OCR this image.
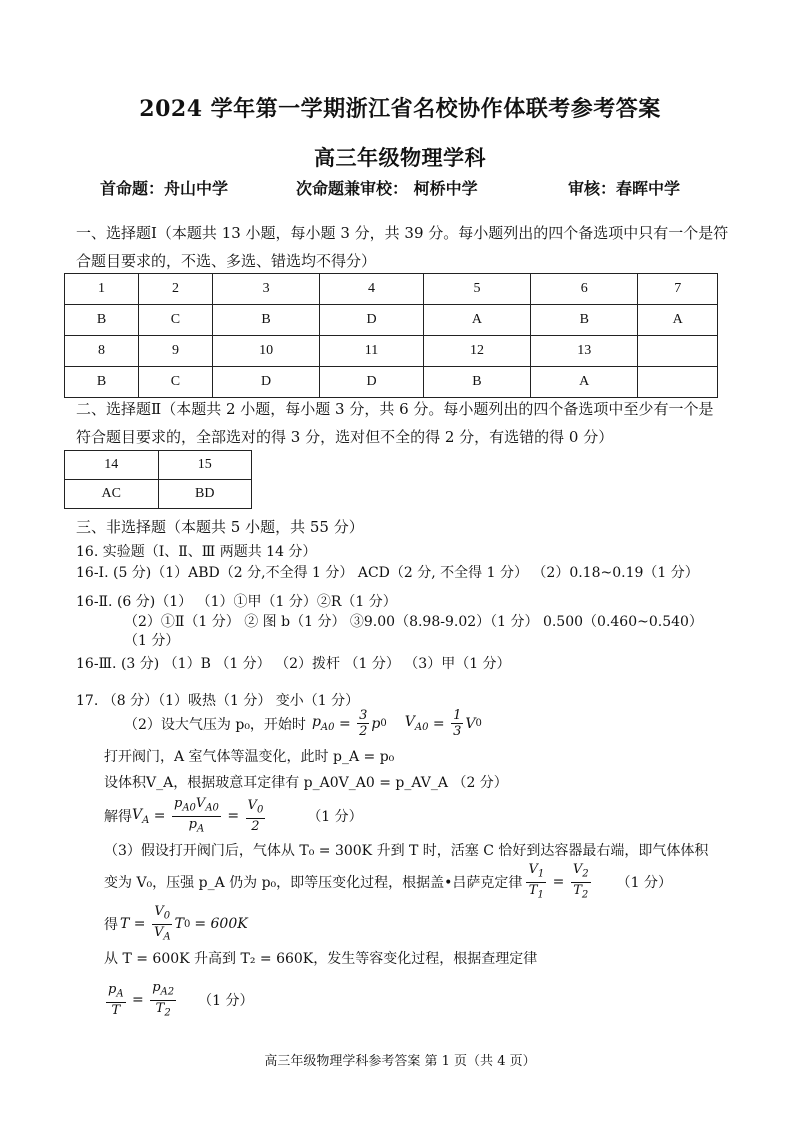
2024 学年第一学期浙江省名校协作体联考参考答案
高三年级物理学科
首命题：舟山中学	次命题兼审校： 柯桥中学	审核：春晖中学
一、选择题Ⅰ（本题共 13 小题，每小题 3 分，共 39 分。每小题列出的四个备选项中只有一个是符
合题目要求的，不选、多选、错选均不得分）
1	2	3	4	5	6	7
B	C	B	D	A	B	A
8	9	10	11	12	13	
B	C	D	D	B	A	
二、选择题Ⅱ（本题共 2 小题，每小题 3 分，共 6 分。每小题列出的四个备选项中至少有一个是
符合题目要求的，全部选对的得 3 分，选对但不全的得 2 分，有选错的得 0 分）
14	15
AC	BD
三、非选择题（本题共 5 小题，共 55 分）
16. 实验题（Ⅰ、Ⅱ、Ⅲ 两题共 14 分）
16-Ⅰ. (5 分)（1）ABD（2 分,不全得 1 分） ACD（2 分, 不全得 1 分） （2）0.18~0.19（1 分）
16-Ⅱ. (6 分)（1） （1）①甲（1 分）②R（1 分）
（2）①Ⅱ（1 分） ② 图 b（1 分） ③9.00（8.98-9.02）（1 分） 0.500（0.460~0.540）
（1 分）
16-Ⅲ. (3 分) （1）B （1 分） （2）拨杆 （1 分） （3）甲（1 分）
17. （8 分）（1）吸热（1 分） 变小（1 分）
（2）设大气压为 p₀，开始时 $p_{A0} = \frac{3}{2}$ p 0 $V_{A0} = \frac{1}{3}$ V 0
打开阀门，A 室气体等温变化，此时 p_A = p₀
设体积V_A，根据玻意耳定律有 p_A0V_A0 = p_AV_A （2 分）
解得 $V_A = \frac{p_{A0}V_{A0}}{p_A} = \frac{V_0}{2}$	（1 分）
（3）假设打开阀门后，气体从 T₀ = 300K 升到 T 时，活塞 C 恰好到达容器最右端，即气体体积
变为 V₀，压强 p_A 仍为 p₀，即等压变化过程，根据盖•吕萨克定律 $\frac{V_1}{T_1} = \frac{V_2}{T_2} (1$ 分）
得 $T = \frac{V_0}{V_A}$ T 0 = 600K
从 T = 600K 升高到 T₂ = 660K，发生等容变化过程，根据查理定律
$\frac{p_A}{T} = \frac{p_{A2}}{T_2} (1$ 分）
高三年级物理学科参考答案 第 1 页（共 4 页）
